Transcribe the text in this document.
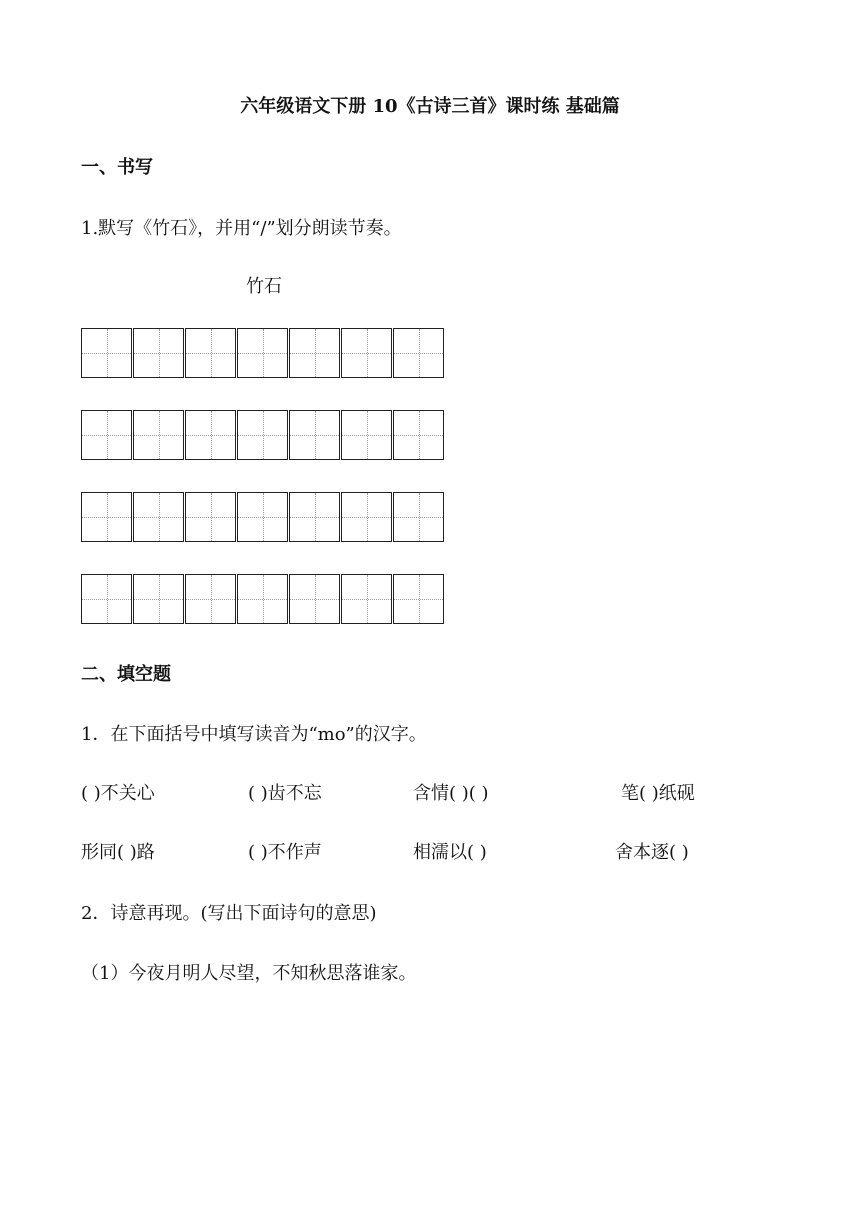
六年级语文下册 10《古诗三首》课时练 基础篇
一、书写
1.默写《竹石》，并用“/”划分朗读节奏。
竹石
二、填空题
1．在下面括号中填写读音为“mo”的汉字。
( )不关心	( )齿不忘	含情( )( )	笔( )纸砚
形同( )路	( )不作声	相濡以( )	舍本逐( )
2．诗意再现。(写出下面诗句的意思)
（1）今夜月明人尽望，不知秋思落谁家。
